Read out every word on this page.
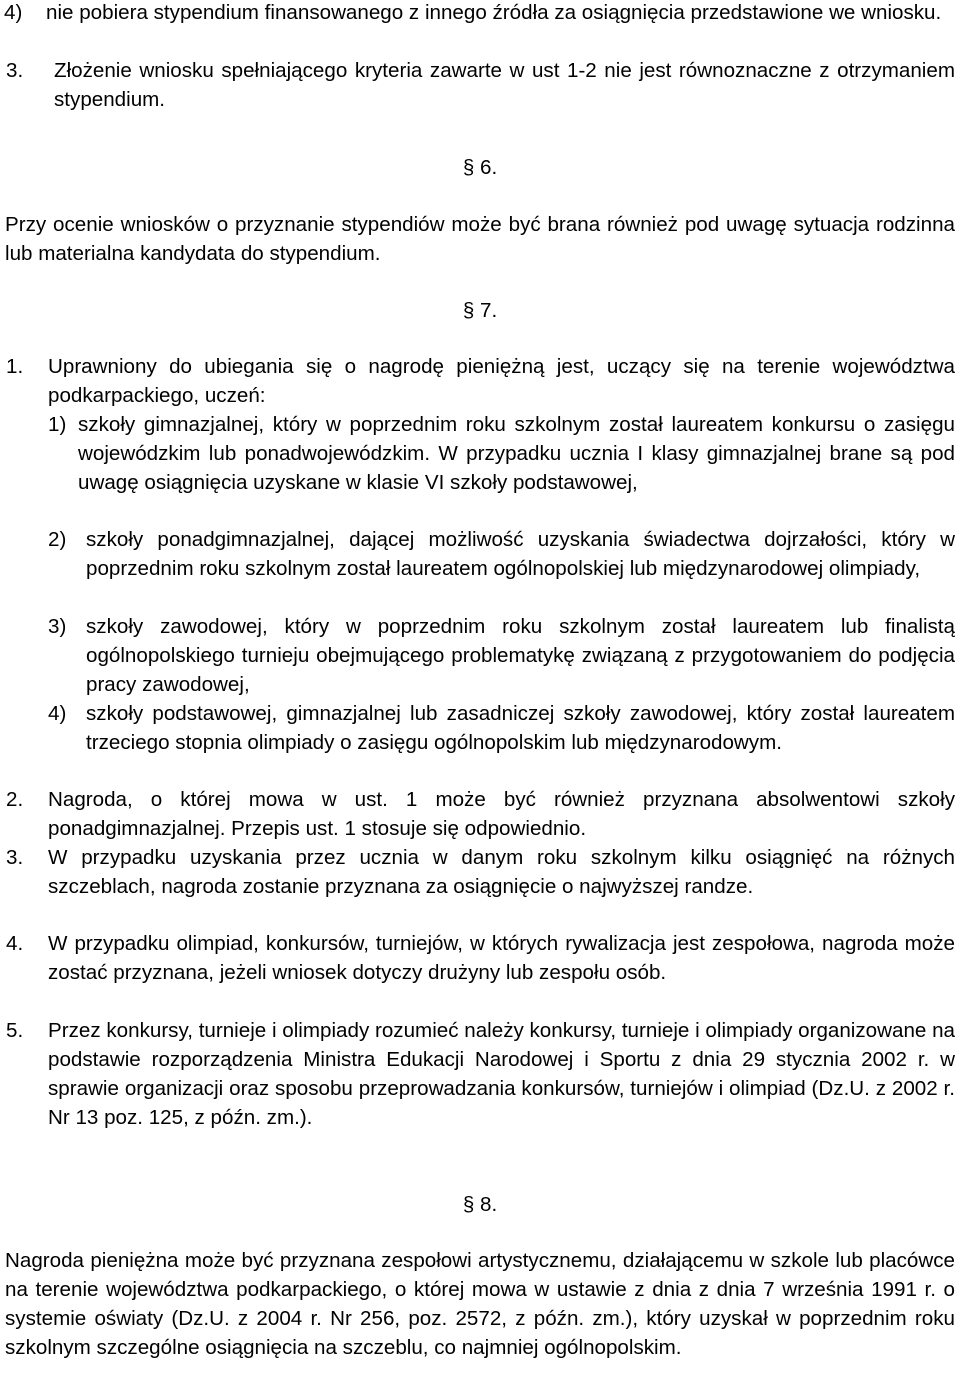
4)	nie pobiera stypendium finansowanego z innego źródła za osiągnięcia przedstawione we wniosku.
3.	Złożenie wniosku spełniającego kryteria zawarte w ust 1-2 nie jest równoznaczne z otrzymaniem stypendium.
§ 6.
Przy ocenie wniosków o przyznanie stypendiów może być brana również pod uwagę sytuacja rodzinna lub materialna kandydata do stypendium.
§ 7.
1.	Uprawniony do ubiegania się o nagrodę pieniężną jest, uczący się na terenie województwa podkarpackiego, uczeń:
1) szkoły gimnazjalnej, który w poprzednim roku szkolnym został laureatem konkursu o zasięgu wojewódzkim lub ponadwojewódzkim. W przypadku ucznia I klasy gimnazjalnej brane są pod uwagę osiągnięcia uzyskane w klasie VI szkoły podstawowej,
2) szkoły ponadgimnazjalnej, dającej możliwość uzyskania świadectwa dojrzałości, który w poprzednim roku szkolnym został laureatem ogólnopolskiej lub międzynarodowej olimpiady,
3) szkoły zawodowej, który w poprzednim roku szkolnym został laureatem lub finalistą ogólnopolskiego turnieju obejmującego problematykę związaną z przygotowaniem do podjęcia pracy zawodowej,
4) szkoły podstawowej, gimnazjalnej lub zasadniczej szkoły zawodowej, który został laureatem trzeciego stopnia olimpiady o zasięgu ogólnopolskim lub międzynarodowym.
2.	Nagroda, o której mowa w ust. 1 może być również przyznana absolwentowi szkoły ponadgimnazjalnej. Przepis ust. 1 stosuje się odpowiednio.
3.	W przypadku uzyskania przez ucznia w danym roku szkolnym kilku osiągnięć na różnych szczeblach, nagroda zostanie przyznana za osiągnięcie o najwyższej randze.
4.	W przypadku olimpiad, konkursów, turniejów, w których rywalizacja jest zespołowa, nagroda może zostać przyznana, jeżeli wniosek dotyczy drużyny lub zespołu osób.
5.	Przez konkursy, turnieje i olimpiady rozumieć należy konkursy, turnieje i olimpiady organizowane na podstawie rozporządzenia Ministra Edukacji Narodowej i Sportu z dnia 29 stycznia 2002 r. w sprawie organizacji oraz sposobu przeprowadzania konkursów, turniejów i olimpiad (Dz.U. z 2002 r. Nr 13 poz. 125, z późn. zm.).
§ 8.
Nagroda pieniężna może być przyznana zespołowi artystycznemu, działającemu w szkole lub placówce na terenie województwa podkarpackiego, o której mowa w ustawie z dnia z dnia 7 września 1991 r. o systemie oświaty (Dz.U. z 2004 r. Nr 256, poz. 2572, z późn. zm.), który uzyskał w poprzednim roku szkolnym szczególne osiągnięcia na szczeblu, co najmniej ogólnopolskim.
